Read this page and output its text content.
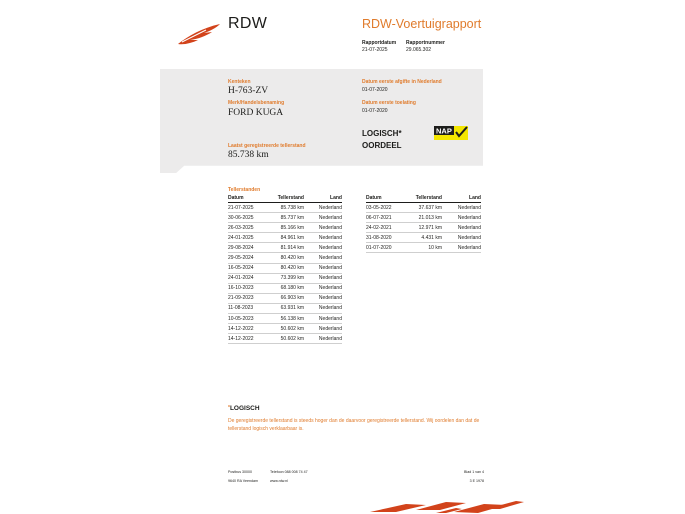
RDW	RDW-Voertuigrapport
Rapportdatum
21-07-2025
Rapportnummer
29.065.302
Kenteken
H-763-ZV
Merk/Handelsbenaming
FORD KUGA
Laatst geregistreerde tellerstand
85.738 km
Datum eerste afgifte in Nederland
01-07-2020
Datum eerste toelating
01-07-2020
LOGISCH*
OORDEEL
NAP
Tellerstanden
Datum	Tellerstand	Land
21-07-2025	85.738 km	Nederland
30-06-2025	85.737 km	Nederland
26-03-2025	85.166 km	Nederland
24-01-2025	84.961 km	Nederland
29-08-2024	81.914 km	Nederland
29-05-2024	80.420 km	Nederland
16-05-2024	80.420 km	Nederland
24-01-2024	73.399 km	Nederland
16-10-2023	68.180 km	Nederland
21-09-2023	66.903 km	Nederland
11-08-2023	63.931 km	Nederland
10-05-2023	56.138 km	Nederland
14-12-2022	50.602 km	Nederland
14-12-2022	50.602 km	Nederland
Datum	Tellerstand	Land
03-05-2022	37.637 km	Nederland
06-07-2021	21.013 km	Nederland
24-02-2021	12.971 km	Nederland
31-08-2020	4.431 km	Nederland
01-07-2020	10 km	Nederland
*LOGISCH
De geregistreerde tellerstand is steeds hoger dan de daarvoor geregistreerde tellerstand. Wij oordelen dan dat de tellerstand logisch verklaarbaar is.
Postbus 30000
9640 RA Veendam
Telefoon 088 008 74 47
www.rdw.nl
Blad 1 van 4
3 E 1978
